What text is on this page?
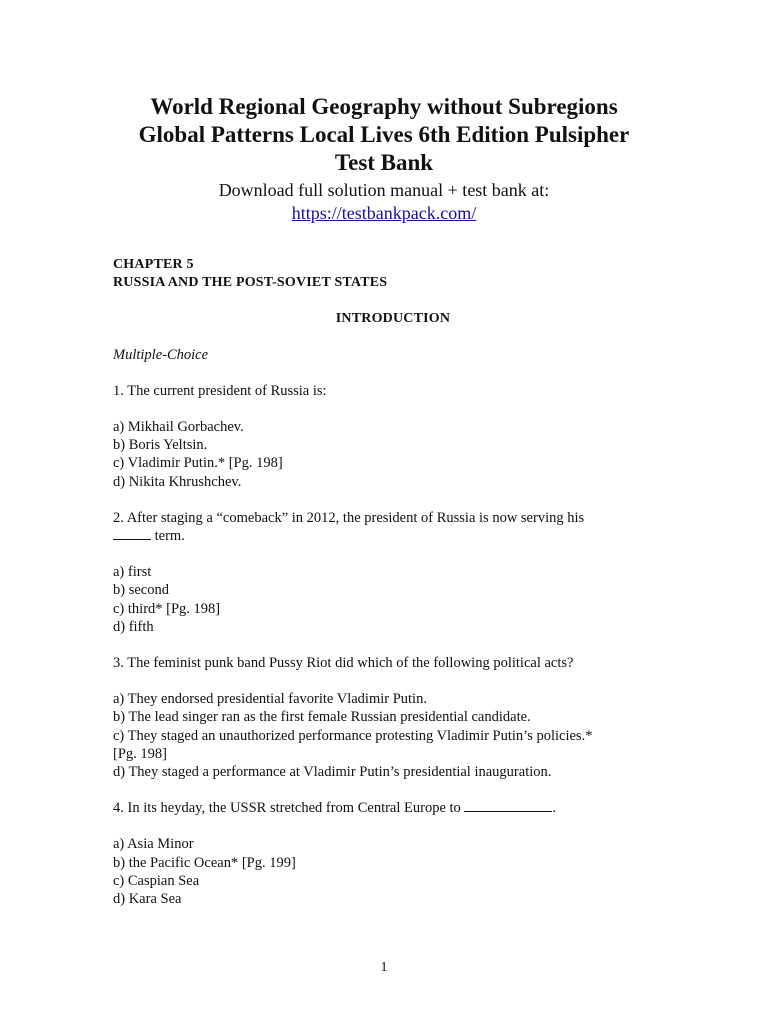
World Regional Geography without Subregions

Global Patterns Local Lives 6th Edition Pulsipher

Test Bank

Download full solution manual + test bank at:

https://testbankpack.com/

CHAPTER 5

RUSSIA AND THE POST-SOVIET STATES

INTRODUCTION

Multiple-Choice

1. The current president of Russia is:

a) Mikhail Gorbachev.

b) Boris Yeltsin.

c) Vladimir Putin.* [Pg. 198]

d) Nikita Khrushchev.

2. After staging a “comeback” in 2012, the president of Russia is now serving his

term.

a) first

b) second

c) third* [Pg. 198]

d) fifth

3. The feminist punk band Pussy Riot did which of the following political acts?

a) They endorsed presidential favorite Vladimir Putin.

b) The lead singer ran as the first female Russian presidential candidate.

c) They staged an unauthorized performance protesting Vladimir Putin’s policies.*

[Pg. 198]

d) They staged a performance at Vladimir Putin’s presidential inauguration.

4. In its heyday, the USSR stretched from Central Europe to	.

a) Asia Minor

b) the Pacific Ocean* [Pg. 199]

c) Caspian Sea

d) Kara Sea

1
